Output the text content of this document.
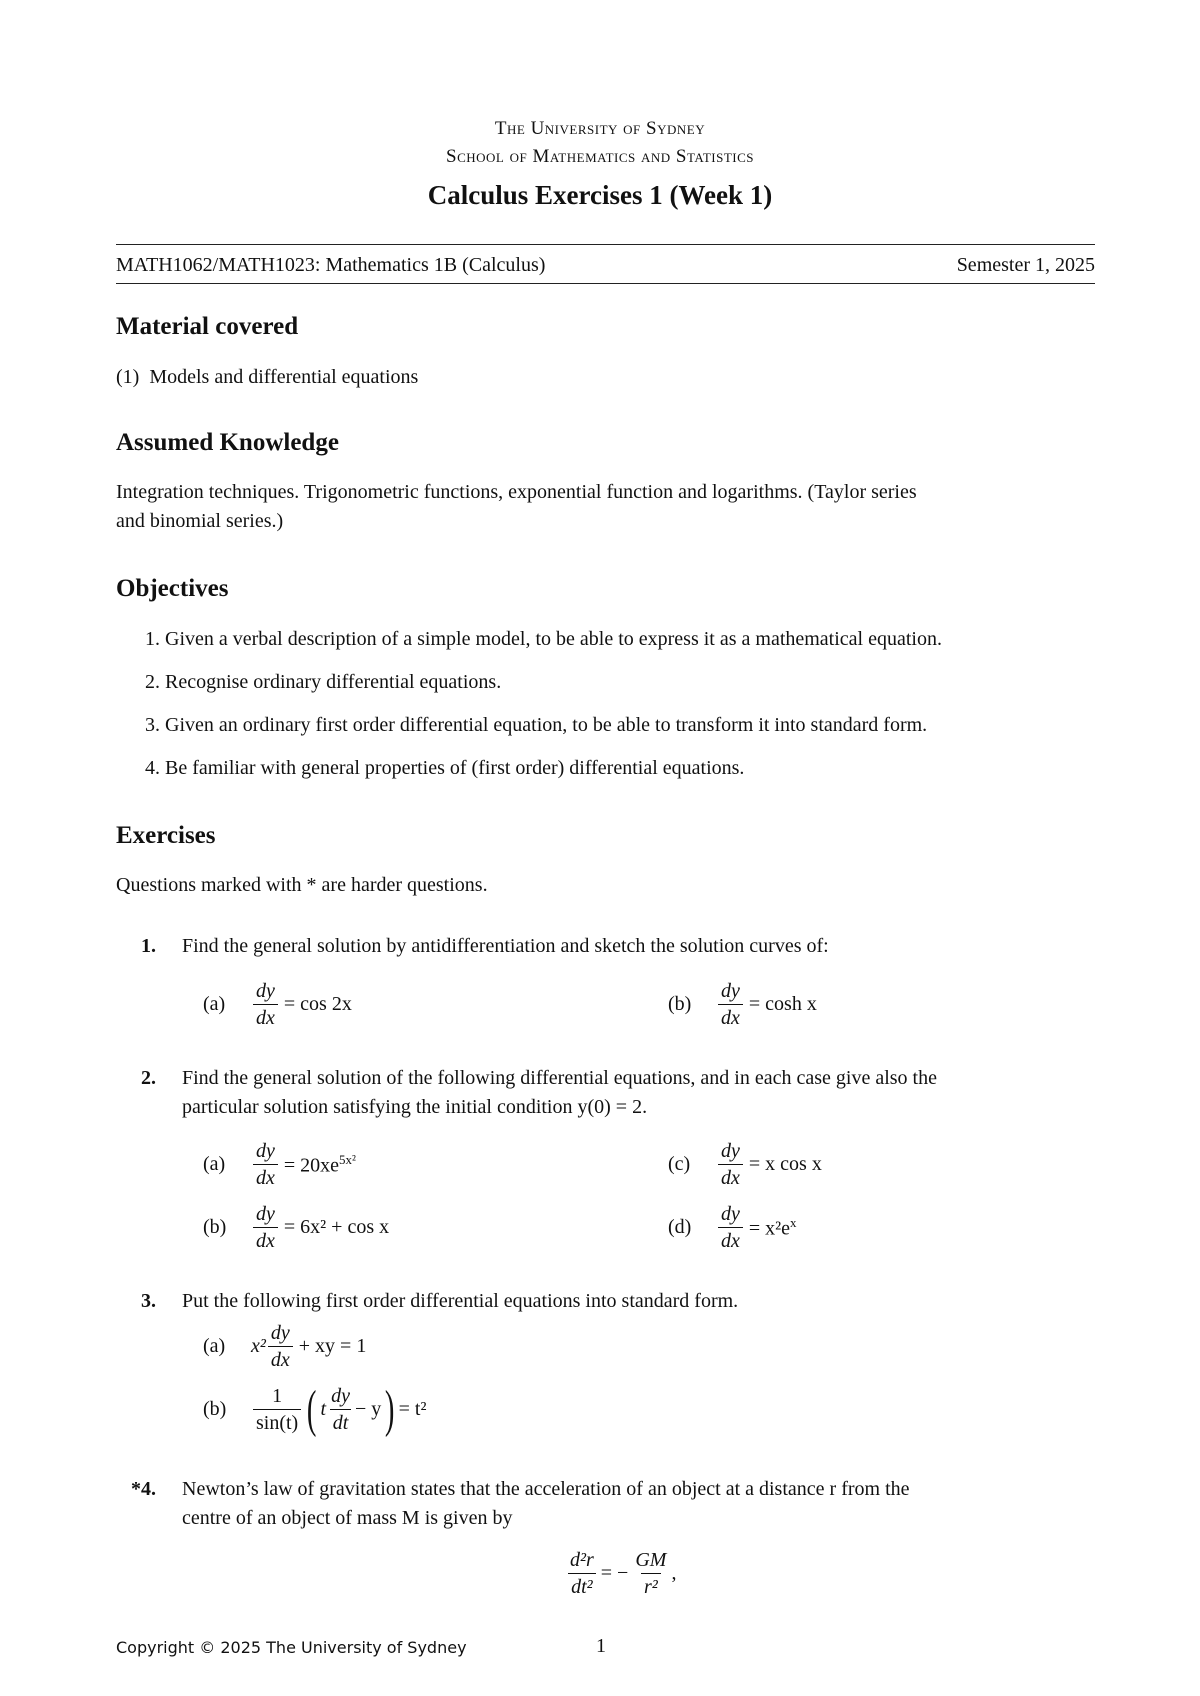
The University of Sydney
School of Mathematics and Statistics
Calculus Exercises 1 (Week 1)
MATH1062/MATH1023: Mathematics 1B (Calculus)	Semester 1, 2025
Material covered
(1) Models and differential equations
Assumed Knowledge
Integration techniques. Trigonometric functions, exponential function and logarithms. (Taylor series
and binomial series.)
Objectives
1. Given a verbal description of a simple model, to be able to express it as a mathematical equation.
2. Recognise ordinary differential equations.
3. Given an ordinary first order differential equation, to be able to transform it into standard form.
4. Be familiar with general properties of (first order) differential equations.
Exercises
Questions marked with * are harder questions.
1. Find the general solution by antidifferentiation and sketch the solution curves of:
(a)	$\frac{dy}{dx} = \cos 2x$	(b)	$\frac{dy}{dx} = \cosh x$
2. Find the general solution of the following differential equations, and in each case give also the
particular solution satisfying the initial condition y(0) = 2.
(a)	$\frac{dy}{dx} = 20xe^{5x^2}$	(c)	$\frac{dy}{dx} = x$ cos x
(b)	$\frac{dy}{dx} = 6x^2 + \cos x$	(d)	$\frac{dy}{dx} = x^2e^x$
3. Put the following first order differential equations into standard form.
(a)	$x^2 \frac{dy}{dx}$ + xy = 1
(b)	$\frac{1}{\sin(t)}$ ( t $\frac{dy}{dt} - y$ ) = t²
*4. Newton’s law of gravitation states that the acceleration of an object at a distance r from the
centre of an object of mass M is given by
$\frac{\text{d²r}}{\text{dt²}}$ = − $\frac{GM}{\text{r²}}$ ,
Copyright © 2025 The University of Sydney	1
